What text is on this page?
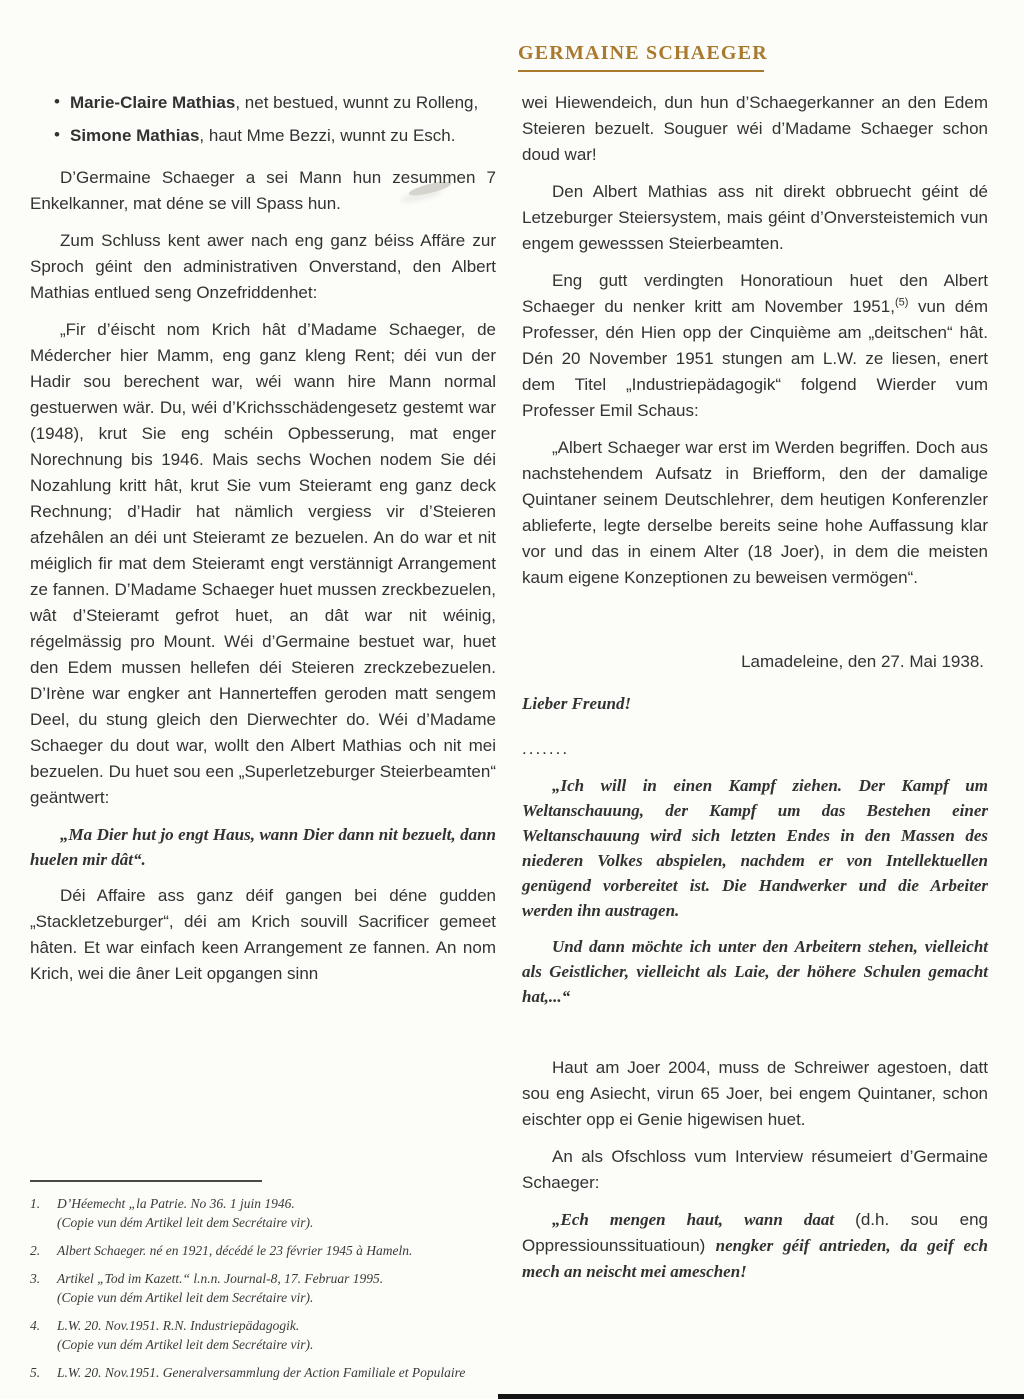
GERMAINE SCHAEGER
• Marie-Claire Mathias, net bestued, wunnt zu Rolleng,
• Simone Mathias, haut Mme Bezzi, wunnt zu Esch.

D’Germaine Schaeger a sei Mann hun zesummen 7 Enkelkanner, mat déne se vill Spass hun.

Zum Schluss kent awer nach eng ganz béiss Affäre zur Sproch géint den administrativen Onverstand, den Albert Mathias entlued seng Onzefriddenhet:

„Fir d’éischt nom Krich hât d’Madame Schaeger, de Médercher hier Mamm, eng ganz kleng Rent; déi vun der Hadir sou berechent war, wéi wann hire Mann normal gestuerwen wär. Du, wéi d’Krichsschädengesetz gestemt war (1948), krut Sie eng schéin Opbesserung, mat enger Norechnung bis 1946. Mais sechs Wochen nodem Sie déi Nozahlung kritt hât, krut Sie vum Steieramt eng ganz deck Rechnung; d’Hadir hat nämlich vergiess vir d’Steieren afzehâlen an déi unt Steieramt ze bezuelen. An do war et nit méiglich fir mat dem Steieramt engt verstännigt Arrangement ze fannen. D’Madame Schaeger huet mussen zreckbezuelen, wât d’Steieramt gefrot huet, an dât war nit wéinig, régelmässig pro Mount. Wéi d’Germaine bestuet war, huet den Edem mussen hellefen déi Steieren zreckzebezuelen. D’Irène war engker ant Hannerteffen geroden matt sengem Deel, du stung gleich den Dierwechter do. Wéi d’Madame Schaeger du dout war, wollt den Albert Mathias och nit mei bezuelen. Du huet sou een „Superletzeburger Steierbeamten“ geäntwert:

„Ma Dier hut jo engt Haus, wann Dier dann nit bezuelt, dann huelen mir dât“.

Déi Affaire ass ganz déif gangen bei déne gudden „Stackletzeburger“, déi am Krich souvill Sacrificer gemeet hâten. Et war einfach keen Arrangement ze fannen. An nom Krich, wei die âner Leit opgangen sinn

wei Hiewendeich, dun hun d’Schaegerkanner an den Edem Steieren bezuelt. Souguer wéi d’Madame Schaeger schon doud war!

Den Albert Mathias ass nit direkt obbruecht géint dé Letzeburger Steiersystem, mais géint d’Onversteistemich vun engem gewesssen Steierbeamten.

Eng gutt verdingten Honoratioun huet den Albert Schaeger du nenker kritt am November 1951,$^{(5)}$ vun dém Professer, dén Hien opp der Cinquième am „deitschen“ hât. Dén 20 November 1951 stungen am L.W. ze liesen, enert dem Titel „Industriepädagogik“ folgend Wierder vum Professer Emil Schaus:

„Albert Schaeger war erst im Werden begriffen. Doch aus nachstehendem Aufsatz in Briefform, den der damalige Quintaner seinem Deutschlehrer, dem heutigen Konferenzler ablieferte, legte derselbe bereits seine hohe Auffassung klar vor und das in einem Alter (18 Joer), in dem die meisten kaum eigene Konzeptionen zu beweisen vermögen“.

Lamadeleine, den 27. Mai 1938.

Lieber Freund!

.......

„Ich will in einen Kampf ziehen. Der Kampf um Weltanschauung, der Kampf um das Bestehen einer Weltanschauung wird sich letzten Endes in den Massen des niederen Volkes abspielen, nachdem er von Intellektuellen genügend vorbereitet ist. Die Handwerker und die Arbeiter werden ihn austragen.

Und dann möchte ich unter den Arbeitern stehen, vielleicht als Geistlicher, vielleicht als Laie, der höhere Schulen gemacht hat,...“

Haut am Joer 2004, muss de Schreiwer agestoen, datt sou eng Asiecht, virun 65 Joer, bei engem Quintaner, schon eischter opp ei Genie higewisen huet.

An als Ofschloss vum Interview résumeiert d’Germaine Schaeger:

„Ech mengen haut, wann daat (d.h. sou eng Oppressiounssituatioun) nengker géif antrieden, da geif ech mech an neischt mei ameschen!

1.	D’Héemecht „la Patrie. No 36. 1 juin 1946.
(Copie vun dém Artikel leit dem Secrétaire vir).
2.	Albert Schaeger. né en 1921, décédé le 23 février 1945 à Hameln.
3.	Artikel „Tod im Kazett.“ l.n.n. Journal-8, 17. Februar 1995.
(Copie vun dém Artikel leit dem Secrétaire vir).
4.	L.W. 20. Nov.1951. R.N. Industriepädagogik.
(Copie vun dém Artikel leit dem Secrétaire vir).
5.	L.W. 20. Nov.1951. Generalversammlung der Action Familiale et Populaire
